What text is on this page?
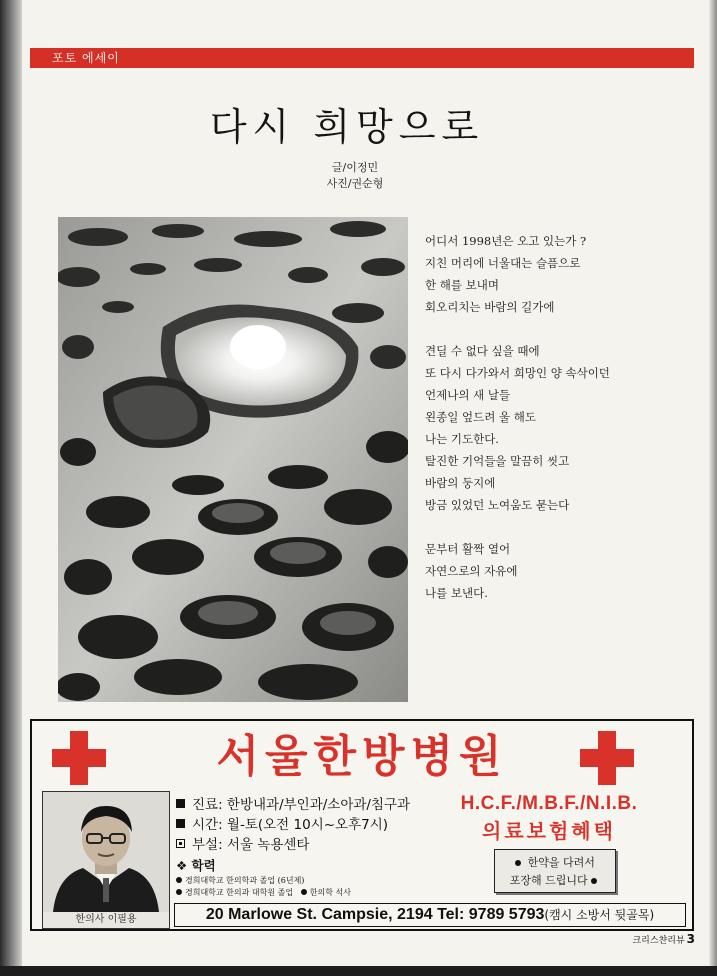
포토 에세이
다시 희망으로
글/이정민
사진/권순형

어디서 1998년은 오고 있는가 ?

지친 머리에 너울대는 슬픔으로

한 해를 보내며

회오리치는 바람의 길가에

견딜 수 없다 싶을 때에

또 다시 다가와서 희망인 양 속삭이던

언제나의 새 날들

왼종일 엎드려 울 해도

나는 기도한다.

탈진한 기억들을 말끔히 씻고

바람의 둥지에

방금 있었던 노여움도 묻는다

문부터 활짝 열어

자연으로의 자유에

나를 보낸다.

서울한방병원
한의사 이필용
진료: 한방내과/부인과/소아과/침구과
시간: 월-토(오전 10시~오후7시)
부설: 서울 녹용센타
❖ 학력
경희대학교 한의학과 졸업 (6년제)
경희대학교 한의과 대학원 졸업 한의학 석사
H.C.F./M.B.F./N.I.B.
의료보험혜택
한약을 다려서
포장해 드립니다
20 Marlowe St. Campsie, 2194 Tel: 9789 5793(캠시 소방서 뒷골목)
크리스챤리뷰 3
